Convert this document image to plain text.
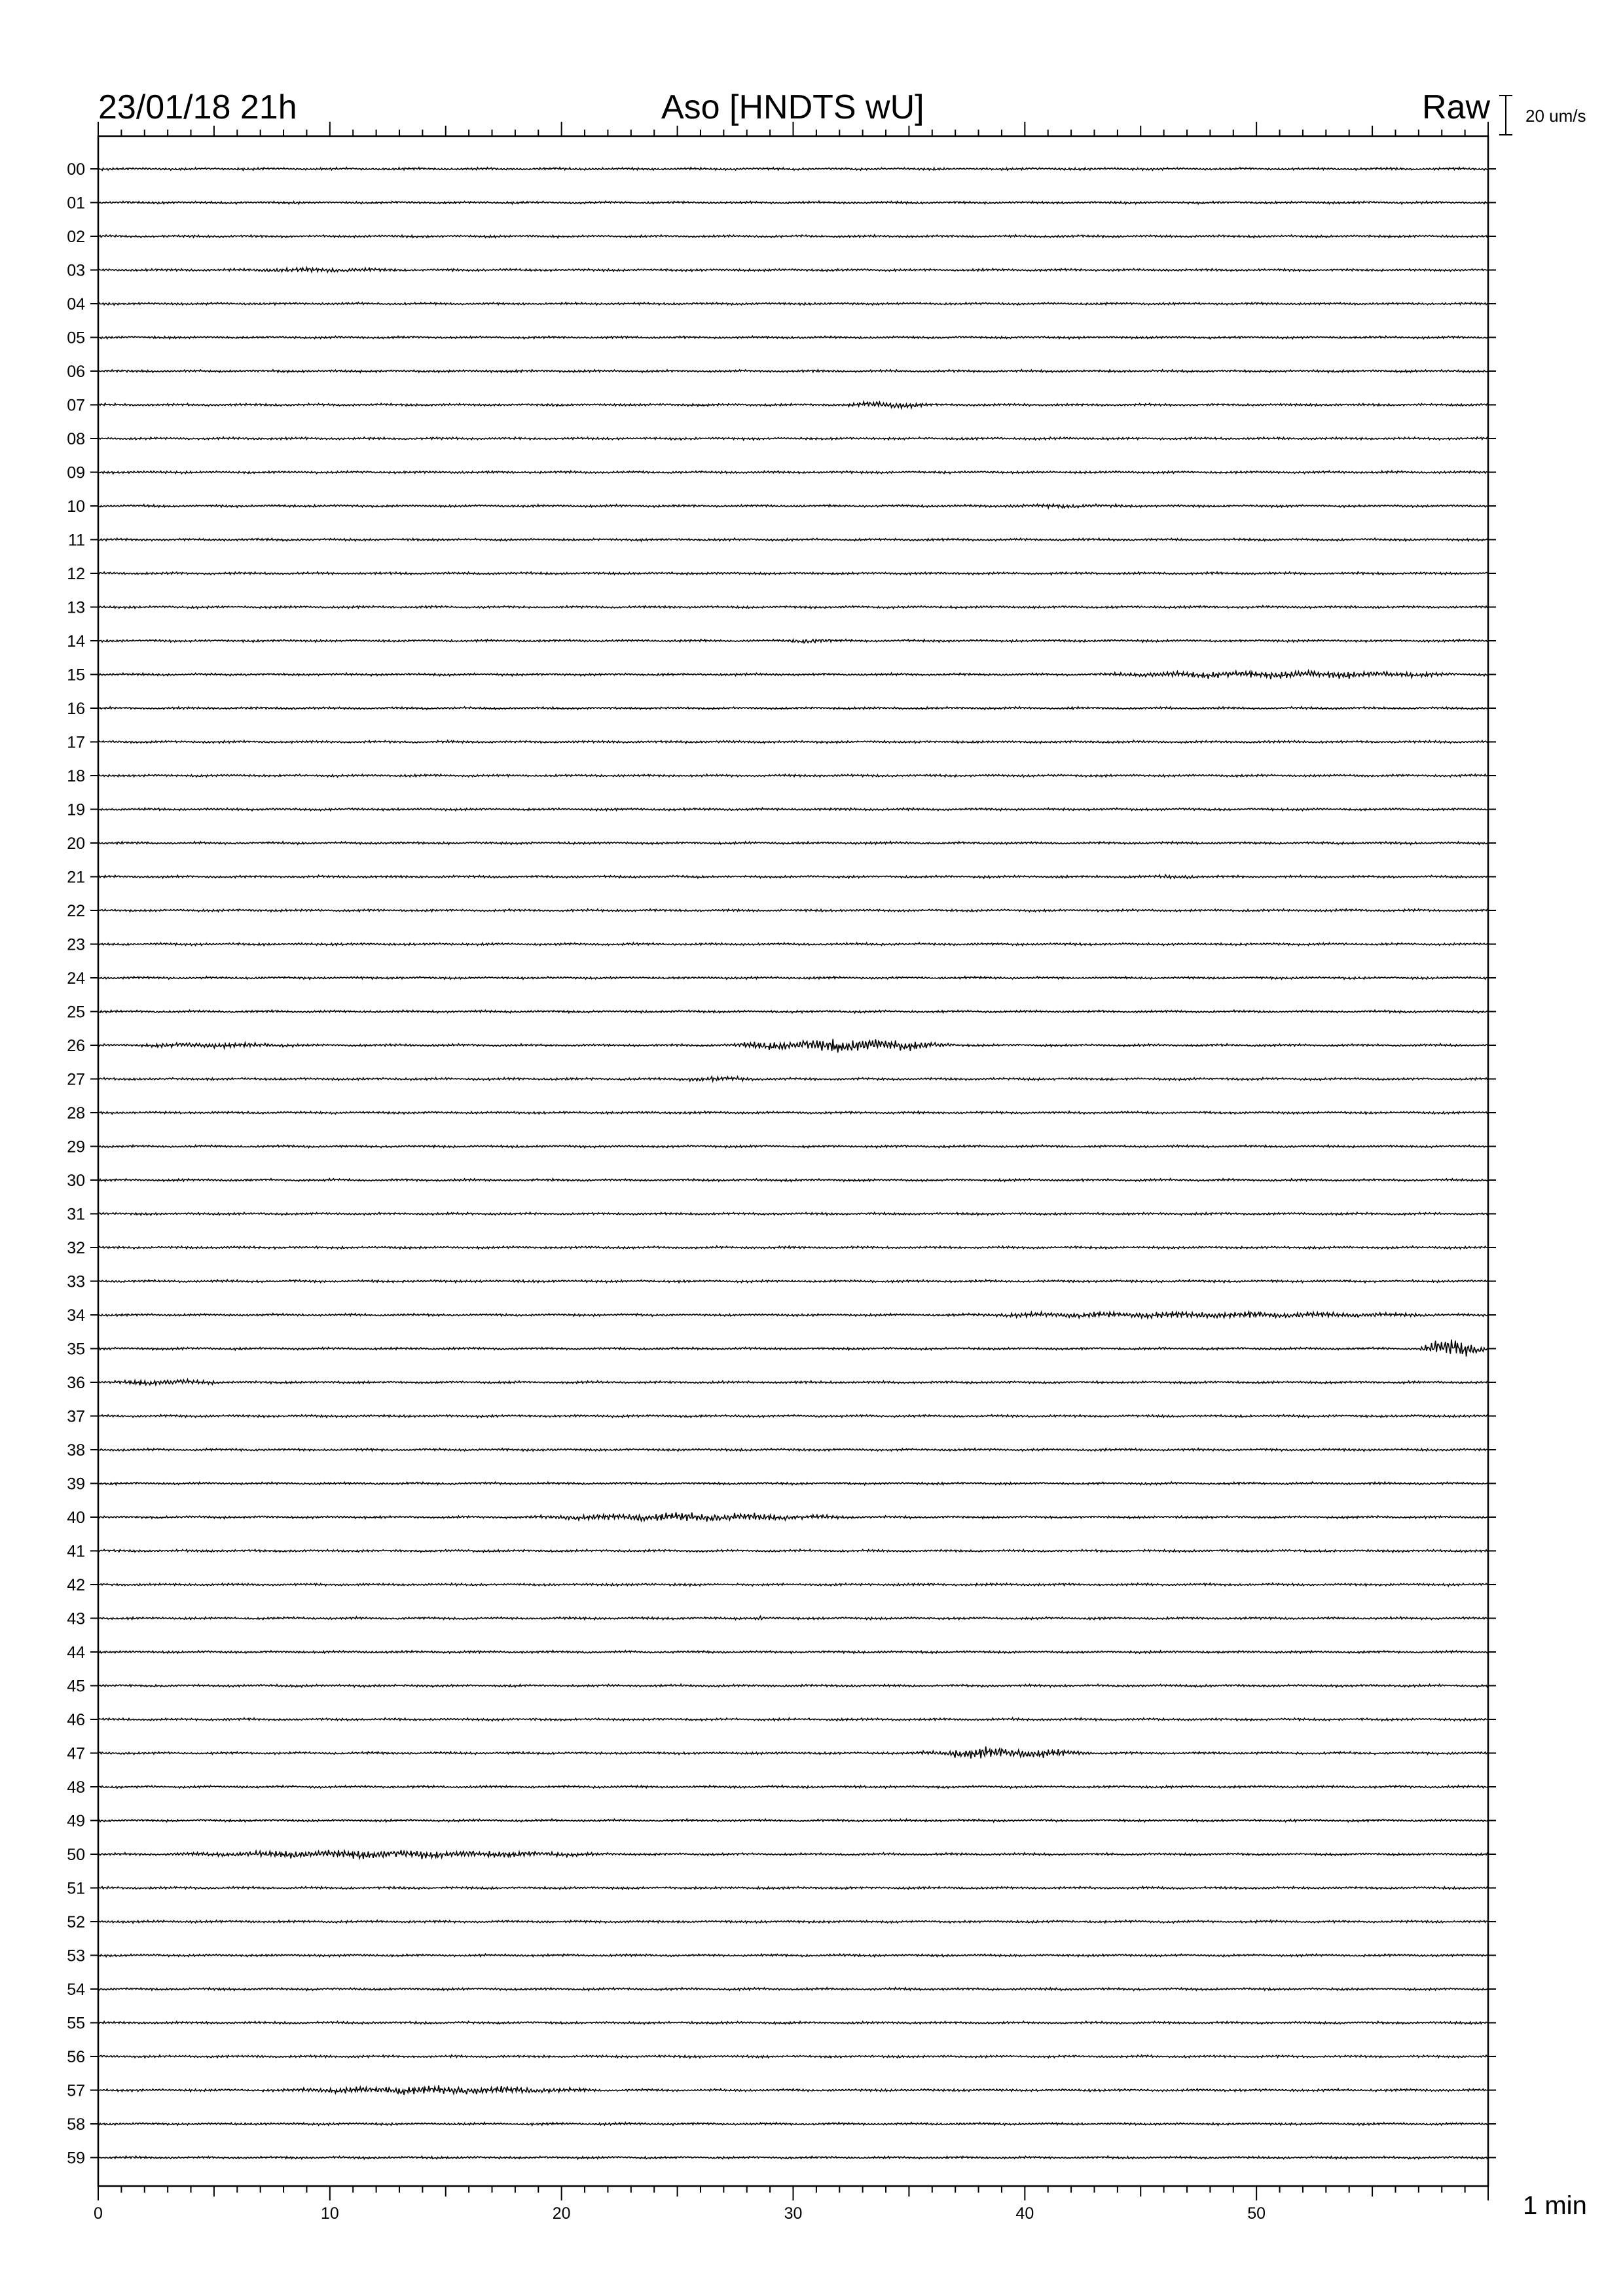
23/01/18 21h	Aso [HNDTS wU]	Raw 20 um/s
1 min
00
01
02
03
04
05
06
07
08
09
10
11
12
13
14
15
16
17
18
19
20
21
22
23
24
25
26
27
28
29
30
31
32
33
34
35
36
37
38
39
40
41
42
43
44
45
46
47
48
49
50
51
52
53
54
55
56
57
58
59
0	10	20	30	40	50
